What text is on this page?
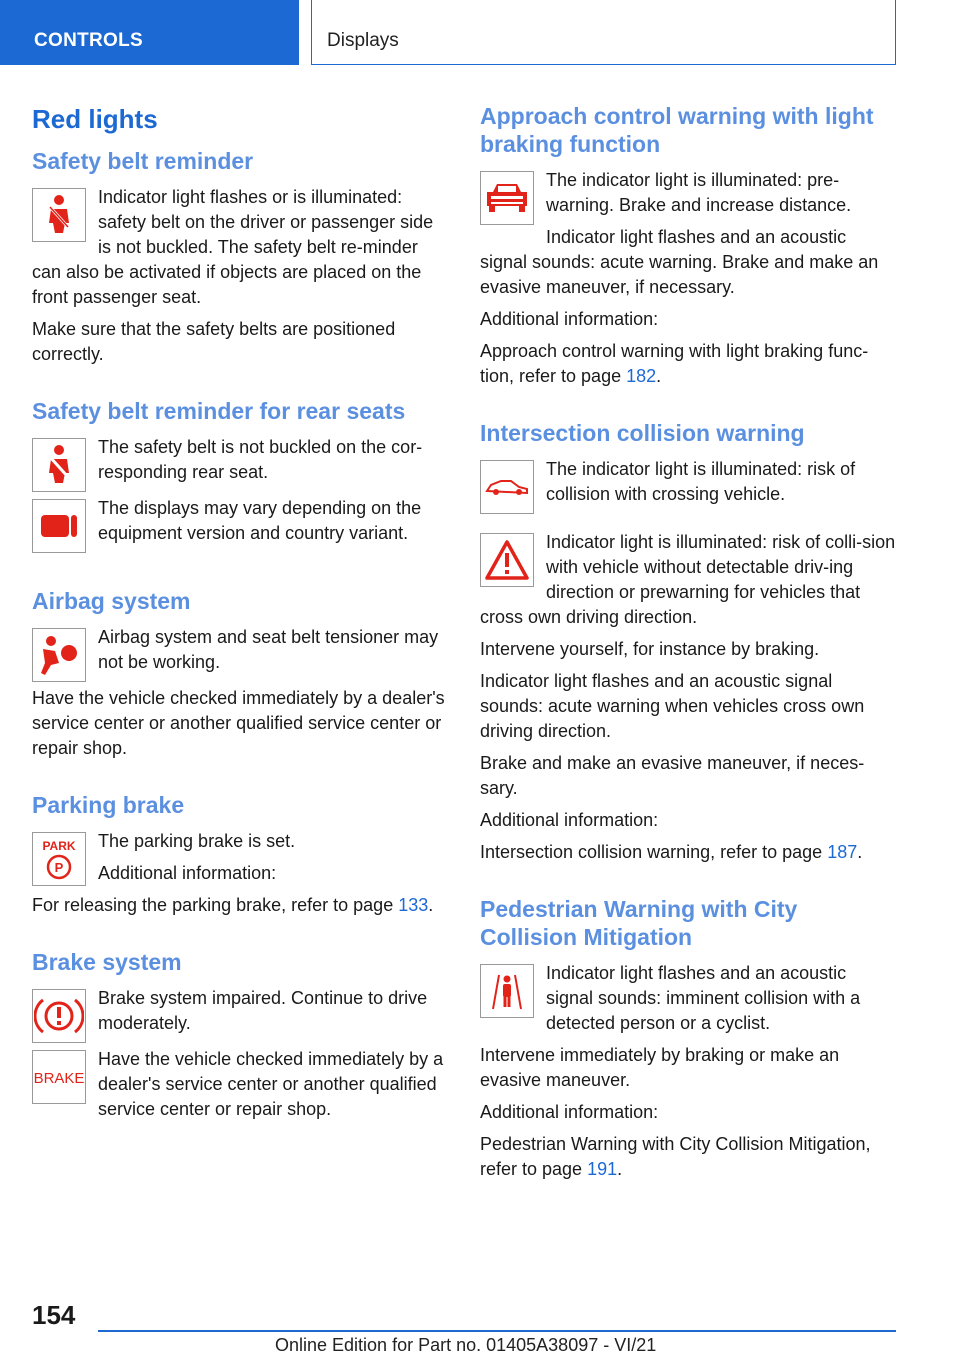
CONTROLS	Displays
Red lights
Safety belt reminder

Indicator light flashes or is illuminated: safety belt on the driver or passenger side is not buckled. The safety belt re-minder can also be activated if objects are placed on the front passenger seat.

Make sure that the safety belts are positioned correctly.

Safety belt reminder for rear seats

The safety belt is not buckled on the cor-responding rear seat.

The displays may vary depending on the equipment version and country variant.

Airbag system

Airbag system and seat belt tensioner may not be working.

Have the vehicle checked immediately by a dealer's service center or another qualified service center or repair shop.

Parking brake
PARK
P

The parking brake is set.

Additional information:

For releasing the parking brake, refer to page 133.

Brake system

Brake system impaired. Continue to drive moderately.

BRAKE

Have the vehicle checked immediately by a dealer's service center or another qualified service center or repair shop.

Approach control warning with light braking function

The indicator light is illuminated: pre-warning. Brake and increase distance.

Indicator light flashes and an acoustic signal sounds: acute warning. Brake and make an evasive maneuver, if necessary.

Additional information:

Approach control warning with light braking func-tion, refer to page 182.

Intersection collision warning

The indicator light is illuminated: risk of collision with crossing vehicle.

Indicator light is illuminated: risk of colli-sion with vehicle without detectable driv-ing direction or prewarning for vehicles that cross own driving direction.

Intervene yourself, for instance by braking.

Indicator light flashes and an acoustic signal sounds: acute warning when vehicles cross own driving direction.

Brake and make an evasive maneuver, if neces-sary.

Additional information:

Intersection collision warning, refer to page 187.

Pedestrian Warning with City Collision Mitigation

Indicator light flashes and an acoustic signal sounds: imminent collision with a detected person or a cyclist.

Intervene immediately by braking or make an evasive maneuver.

Additional information:

Pedestrian Warning with City Collision Mitigation, refer to page 191.

154
Online Edition for Part no. 01405A38097 - VI/21
